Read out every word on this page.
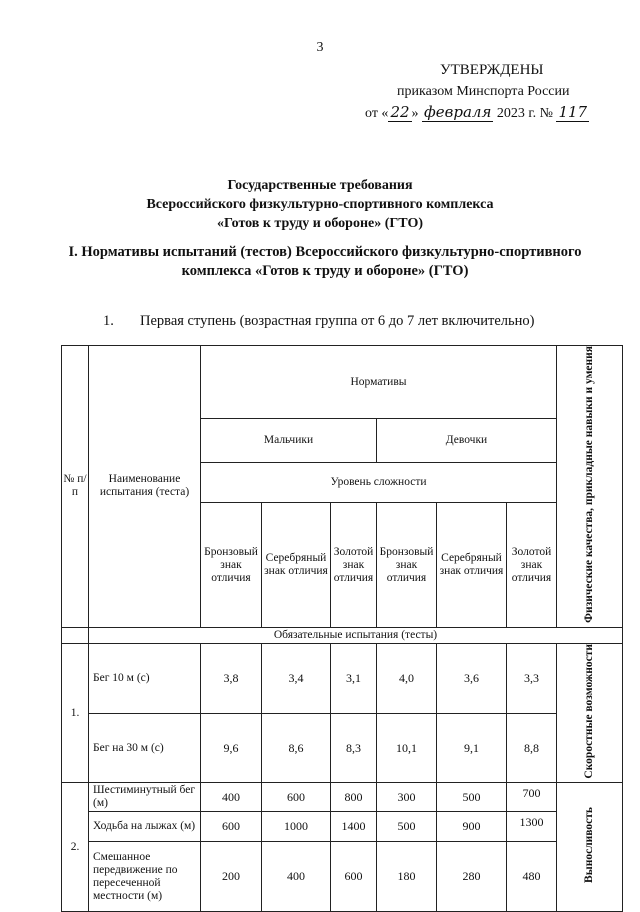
3
УТВЕРЖДЕНЫ
приказом Минспорта России
от « 22 » февраля 2023 г. № 117
Государственные требования
Всероссийского физкультурно-спортивного комплекса
«Готов к труду и обороне» (ГТО)
I. Нормативы испытаний (тестов) Всероссийского физкультурно-спортивного
комплекса «Готов к труду и обороне» (ГТО)
1. Первая ступень (возрастная группа от 6 до 7 лет включительно)
№ п/п	Наименование испытания (теста)	Нормативы						Физические качества, прикладные навыки и умения
		Мальчики			Девочки			
		Уровень сложности						
		Бронзовый знак отличия	Серебряный знак отличия	Золотой знак отличия	Бронзовый знак отличия	Серебряный знак отличия	Золотой знак отличия	
	Обязательные испытания (тесты)							
1.	Бег 10 м (с)	3,8	3,4	3,1	4,0	3,6	3,3	Скоростные возможности
	Бег на 30 м (с)	9,6	8,6	8,3	10,1	9,1	8,8	
2.	Шестиминутный бег (м)	400	600	800	300	500	700	Выносливость
	Ходьба на лыжах (м)	600	1000	1400	500	900	1300	
	Смешанное передвижение по пересеченной местности (м)	200	400	600	180	280	480	
